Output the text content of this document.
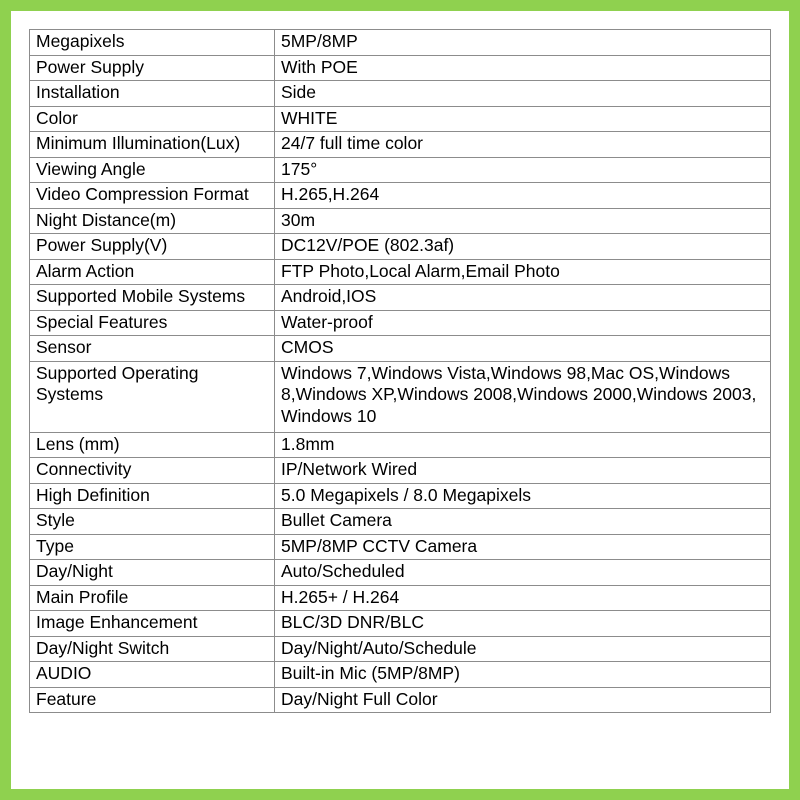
Megapixels	5MP/8MP
Power Supply	With POE
Installation	Side
Color	WHITE
Minimum Illumination(Lux)	24/7 full time color
Viewing Angle	175°
Video Compression Format	H.265,H.264
Night Distance(m)	30m
Power Supply(V)	DC12V/POE (802.3af)
Alarm Action	FTP Photo,Local Alarm,Email Photo
Supported Mobile Systems	Android,IOS
Special Features	Water-proof
Sensor	CMOS
Supported Operating Systems	Windows 7,Windows Vista,Windows 98,Mac OS,Windows 8,Windows XP,Windows 2008,Windows 2000,Windows 2003, Windows 10
Lens (mm)	1.8mm
Connectivity	IP/Network Wired
High Definition	5.0 Megapixels / 8.0 Megapixels
Style	Bullet Camera
Type	5MP/8MP CCTV Camera
Day/Night	Auto/Scheduled
Main Profile	H.265+ / H.264
Image Enhancement	BLC/3D DNR/BLC
Day/Night Switch	Day/Night/Auto/Schedule
AUDIO	Built-in Mic (5MP/8MP)
Feature	Day/Night Full Color
